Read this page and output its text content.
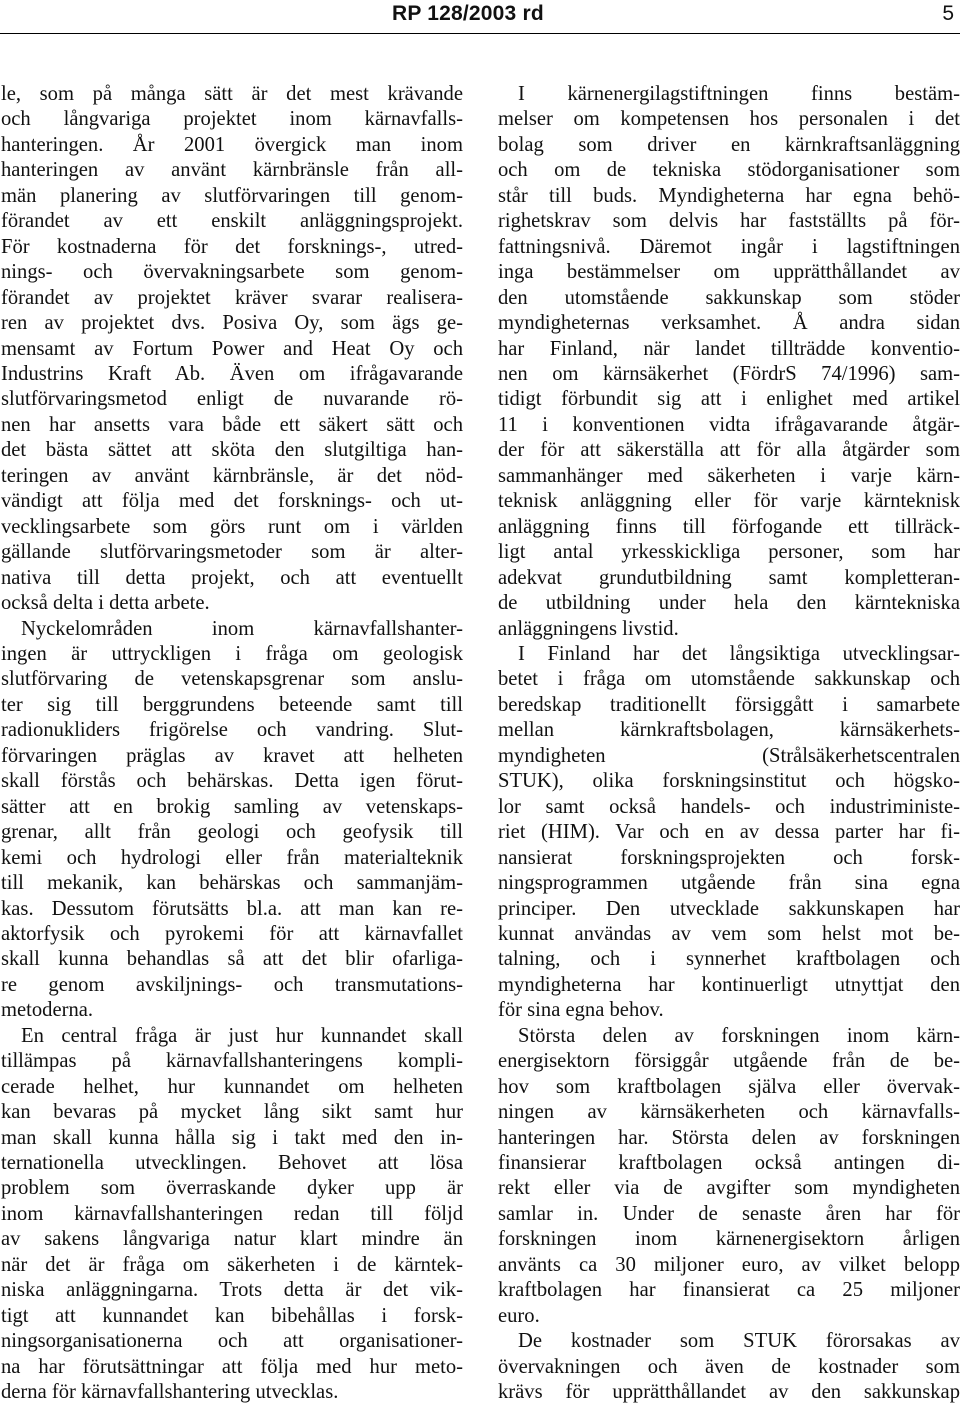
RP 128/2003 rd	5
le, som på många sätt är det mest krävande
och långvariga projektet inom kärnavfalls-
hanteringen. År 2001 övergick man inom
hanteringen av använt kärnbränsle från all-
män planering av slutförvaringen till genom-
förandet av ett enskilt anläggningsprojekt.
För kostnaderna för det forsknings-, utred-
nings- och övervakningsarbete som genom-
förandet av projektet kräver svarar realisera-
ren av projektet dvs. Posiva Oy, som ägs ge-
mensamt av Fortum Power and Heat Oy och
Industrins Kraft Ab. Även om ifrågavarande
slutförvaringsmetod enligt de nuvarande rö-
nen har ansetts vara både ett säkert sätt och
det bästa sättet att sköta den slutgiltiga han-
teringen av använt kärnbränsle, är det nöd-
vändigt att följa med det forsknings- och ut-
vecklingsarbete som görs runt om i världen
gällande slutförvaringsmetoder som är alter-
nativa till detta projekt, och att eventuellt
också delta i detta arbete.
Nyckelområden inom kärnavfallshanter-
ingen är uttryckligen i fråga om geologisk
slutförvaring de vetenskapsgrenar som anslu-
ter sig till berggrundens beteende samt till
radionukliders frigörelse och vandring. Slut-
förvaringen präglas av kravet att helheten
skall förstås och behärskas. Detta igen förut-
sätter att en brokig samling av vetenskaps-
grenar, allt från geologi och geofysik till
kemi och hydrologi eller från materialteknik
till mekanik, kan behärskas och sammanjäm-
kas. Dessutom förutsätts bl.a. att man kan re-
aktorfysik och pyrokemi för att kärnavfallet
skall kunna behandlas så att det blir ofarliga-
re genom avskiljnings- och transmutations-
metoderna.
En central fråga är just hur kunnandet skall
tillämpas på kärnavfallshanteringens kompli-
cerade helhet, hur kunnandet om helheten
kan bevaras på mycket lång sikt samt hur
man skall kunna hålla sig i takt med den in-
ternationella utvecklingen. Behovet att lösa
problem som överraskande dyker upp är
inom kärnavfallshanteringen redan till följd
av sakens långvariga natur klart mindre än
när det är fråga om säkerheten i de kärntek-
niska anläggningarna. Trots detta är det vik-
tigt att kunnandet kan bibehållas i forsk-
ningsorganisationerna och att organisationer-
na har förutsättningar att följa med hur meto-
derna för kärnavfallshantering utvecklas.
I kärnenergilagstiftningen finns bestäm-
melser om kompetensen hos personalen i det
bolag som driver en kärnkraftsanläggning
och om de tekniska stödorganisationer som
står till buds. Myndigheterna har egna behö-
righetskrav som delvis har fastställts på för-
fattningsnivå. Däremot ingår i lagstiftningen
inga bestämmelser om upprätthållandet av
den utomstående sakkunskap som stöder
myndigheternas verksamhet. Å andra sidan
har Finland, när landet tillträdde konventio-
nen om kärnsäkerhet (FördrS 74/1996) sam-
tidigt förbundit sig att i enlighet med artikel
11 i konventionen vidta ifrågavarande åtgär-
der för att säkerställa att för alla åtgärder som
sammanhänger med säkerheten i varje kärn-
teknisk anläggning eller för varje kärnteknisk
anläggning finns till förfogande ett tillräck-
ligt antal yrkesskickliga personer, som har
adekvat grundutbildning samt kompletteran-
de utbildning under hela den kärntekniska
anläggningens livstid.
I Finland har det långsiktiga utvecklingsar-
betet i fråga om utomstående sakkunskap och
beredskap traditionellt försiggått i samarbete
mellan kärnkraftsbolagen, kärnsäkerhets-
myndigheten (Strålsäkerhetscentralen
STUK), olika forskningsinstitut och högsko-
lor samt också handels- och industriministe-
riet (HIM). Var och en av dessa parter har fi-
nansierat forskningsprojekten och forsk-
ningsprogrammen utgående från sina egna
principer. Den utvecklade sakkunskapen har
kunnat användas av vem som helst mot be-
talning, och i synnerhet kraftbolagen och
myndigheterna har kontinuerligt utnyttjat den
för sina egna behov.
Största delen av forskningen inom kärn-
energisektorn försiggår utgående från de be-
hov som kraftbolagen själva eller övervak-
ningen av kärnsäkerheten och kärnavfalls-
hanteringen har. Största delen av forskningen
finansierar kraftbolagen också antingen di-
rekt eller via de avgifter som myndigheten
samlar in. Under de senaste åren har för
forskningen inom kärnenergisektorn årligen
använts ca 30 miljoner euro, av vilket belopp
kraftbolagen har finansierat ca 25 miljoner
euro.
De kostnader som STUK förorsakas av
övervakningen och även de kostnader som
krävs för upprätthållandet av den sakkunskap
